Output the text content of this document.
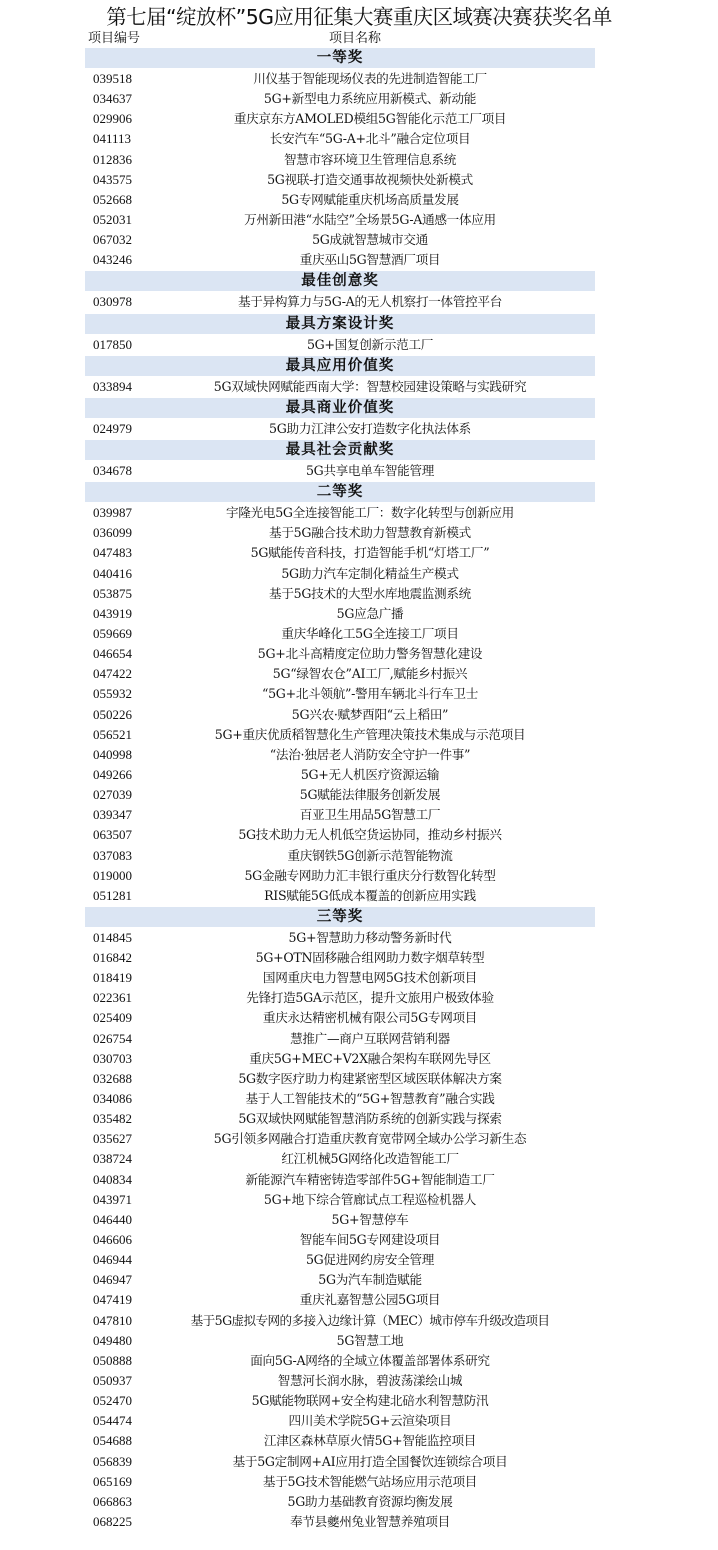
第七届“绽放杯”5G应用征集大赛重庆区域赛决赛获奖名单
项目编号	项目名称
一等奖
039518	川仪基于智能现场仪表的先进制造智能工厂
034637	5G+新型电力系统应用新模式、新动能
029906	重庆京东方AMOLED模组5G智能化示范工厂项目
041113	长安汽车“5G-A+北斗”融合定位项目
012836	智慧市容环境卫生管理信息系统
043575	5G视联-打造交通事故视频快处新模式
052668	5G专网赋能重庆机场高质量发展
052031	万州新田港“水陆空”全场景5G-A通感一体应用
067032	5G成就智慧城市交通
043246	重庆巫山5G智慧酒厂项目
最佳创意奖
030978	基于异构算力与5G-A的无人机察打一体管控平台
最具方案设计奖
017850	5G+国复创新示范工厂
最具应用价值奖
033894	5G双域快网赋能西南大学：智慧校园建设策略与实践研究
最具商业价值奖
024979	5G助力江津公安打造数字化执法体系
最具社会贡献奖
034678	5G共享电单车智能管理
二等奖
039987	宇隆光电5G全连接智能工厂：数字化转型与创新应用
036099	基于5G融合技术助力智慧教育新模式
047483	5G赋能传音科技，打造智能手机“灯塔工厂”
040416	5G助力汽车定制化精益生产模式
053875	基于5G技术的大型水库地震监测系统
043919	5G应急广播
059669	重庆华峰化工5G全连接工厂项目
046654	5G+北斗高精度定位助力警务智慧化建设
047422	5G“绿智农仓”AI工厂,赋能乡村振兴
055932	“5G+北斗领航”-警用车辆北斗行车卫士
050226	5G兴农·赋梦酉阳“云上稻田”
056521	5G+重庆优质稻智慧化生产管理决策技术集成与示范项目
040998	“法治·独居老人消防安全守护一件事”
049266	5G+无人机医疗资源运输
027039	5G赋能法律服务创新发展
039347	百亚卫生用品5G智慧工厂
063507	5G技术助力无人机低空货运协同，推动乡村振兴
037083	重庆钢铁5G创新示范智能物流
019000	5G金融专网助力汇丰银行重庆分行数智化转型
051281	RIS赋能5G低成本覆盖的创新应用实践
三等奖
014845	5G+智慧助力移动警务新时代
016842	5G+OTN固移融合组网助力数字烟草转型
018419	国网重庆电力智慧电网5G技术创新项目
022361	先锋打造5GA示范区，提升文旅用户极致体验
025409	重庆永达精密机械有限公司5G专网项目
026754	慧推广—商户互联网营销利器
030703	重庆5G+MEC+V2X融合架构车联网先导区
032688	5G数字医疗助力构建紧密型区域医联体解决方案
034086	基于人工智能技术的“5G+智慧教育”融合实践
035482	5G双域快网赋能智慧消防系统的创新实践与探索
035627	5G引领多网融合打造重庆教育宽带网全域办公学习新生态
038724	红江机械5G网络化改造智能工厂
040834	新能源汽车精密铸造零部件5G+智能制造工厂
043971	5G+地下综合管廊试点工程巡检机器人
046440	5G+智慧停车
046606	智能车间5G专网建设项目
046944	5G促进网约房安全管理
046947	5G为汽车制造赋能
047419	重庆礼嘉智慧公园5G项目
047810	基于5G虚拟专网的多接入边缘计算（MEC）城市停车升级改造项目
049480	5G智慧工地
050888	面向5G-A网络的全域立体覆盖部署体系研究
050937	智慧河长润水脉，碧波荡漾绘山城
052470	5G赋能物联网+安全构建北碚水利智慧防汛
054474	四川美术学院5G+云渲染项目
054688	江津区森林草原火情5G+智能监控项目
056839	基于5G定制网+AI应用打造全国餐饮连锁综合项目
065169	基于5G技术智能燃气站场应用示范项目
066863	5G助力基础教育资源均衡发展
068225	奉节县夔州兔业智慧养殖项目
